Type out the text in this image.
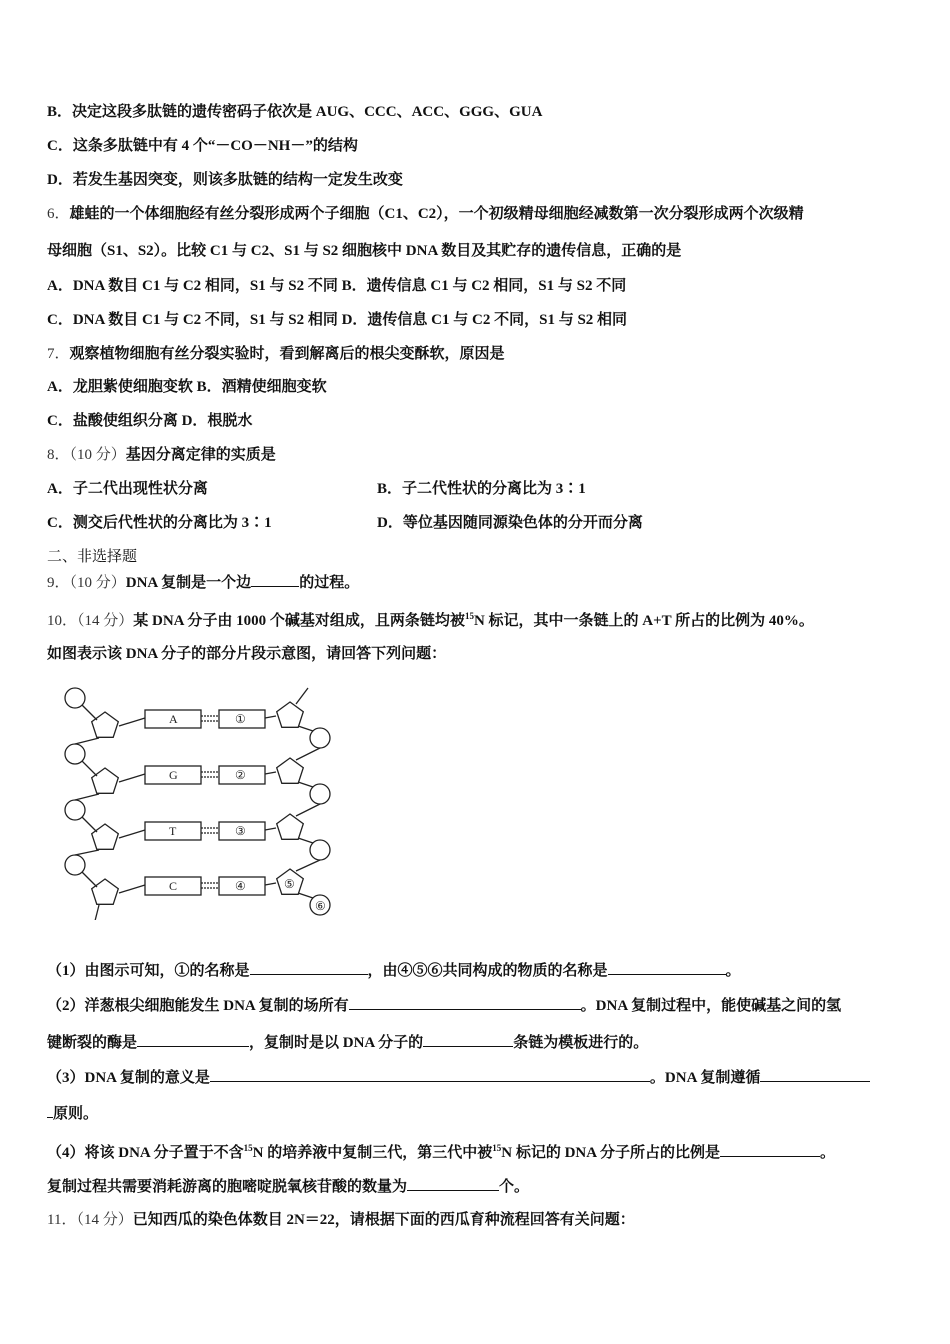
B．决定这段多肽链的遗传密码子依次是 AUG、CCC、ACC、GGG、GUA
C．这条多肽链中有 4 个“－CO－NH－”的结构
D．若发生基因突变，则该多肽链的结构一定发生改变
6．雄蛙的一个体细胞经有丝分裂形成两个子细胞（C1、C2），一个初级精母细胞经减数第一次分裂形成两个次级精
母细胞（S1、S2）。比较 C1 与 C2、S1 与 S2 细胞核中 DNA 数目及其贮存的遗传信息，正确的是
A．DNA 数目 C1 与 C2 相同，S1 与 S2 不同 B．遗传信息 C1 与 C2 相同，S1 与 S2 不同
C．DNA 数目 C1 与 C2 不同，S1 与 S2 相同 D．遗传信息 C1 与 C2 不同，S1 与 S2 相同
7．观察植物细胞有丝分裂实验时，看到解离后的根尖变酥软，原因是
A．龙胆紫使细胞变软 B．酒精使细胞变软
C．盐酸使组织分离 D．根脱水
8．（10 分）基因分离定律的实质是
A．子二代出现性状分离	B．子二代性状的分离比为 3∶1
C．测交后代性状的分离比为 3∶1	D．等位基因随同源染色体的分开而分离
二、非选择题
9．（10 分）DNA 复制是一个边	的过程。
10．（14 分）某 DNA 分子由 1000 个碱基对组成，且两条链均被$^{15}$N 标记，其中一条链上的 A+T 所占的比例为 40%。
如图表示该 DNA 分子的部分片段示意图，请回答下列问题：
A	①
G	②
T	③
C	④	⑤
⑥
（1）由图示可知，①的名称是	，由④⑤⑥共同构成的物质的名称是	。
（2）洋葱根尖细胞能发生 DNA 复制的场所有	。DNA 复制过程中，能使碱基之间的氢
键断裂的酶是	，复制时是以 DNA 分子的	条链为模板进行的。
（3）DNA 复制的意义是	。DNA 复制遵循
原则。
（4）将该 DNA 分子置于不含$^{15}$N 的培养液中复制三代，第三代中被$^{15}$N 标记的 DNA 分子所占的比例是	。
复制过程共需要消耗游离的胞嘧啶脱氧核苷酸的数量为	个。
11．（14 分）已知西瓜的染色体数目 2N＝22，请根据下面的西瓜育种流程回答有关问题：
